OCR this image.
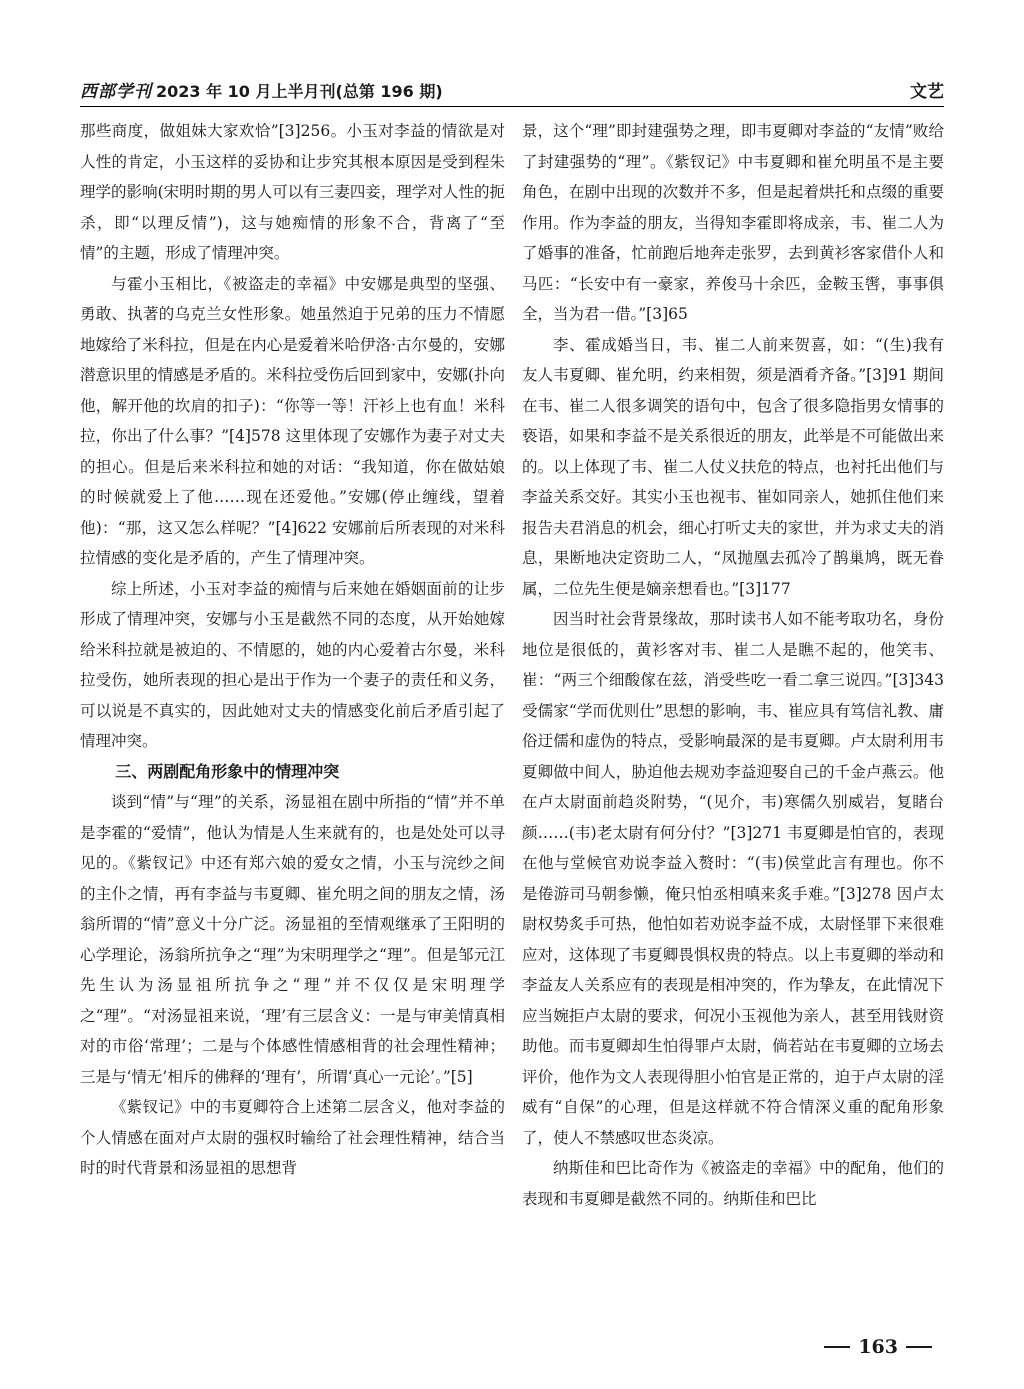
西部学刊 2023 年 10 月上半月刊(总第 196 期)	文艺

那些商度，做姐妹大家欢恰”[3]256。小玉对李益的情欲是对人性的肯定，小玉这样的妥协和让步究其根本原因是受到程朱理学的影响(宋明时期的男人可以有三妻四妾，理学对人性的扼杀，即“以理反情”)，这与她痴情的形象不合，背离了“至情”的主题，形成了情理冲突。

与霍小玉相比，《被盗走的幸福》中安娜是典型的坚强、勇敢、执著的乌克兰女性形象。她虽然迫于兄弟的压力不情愿地嫁给了米科拉，但是在内心是爱着米哈伊洛·古尔曼的，安娜潜意识里的情感是矛盾的。米科拉受伤后回到家中，安娜(扑向他，解开他的坎肩的扣子)：“你等一等！汗衫上也有血！米科拉，你出了什么事？”[4]578 这里体现了安娜作为妻子对丈夫的担心。但是后来米科拉和她的对话：“我知道，你在做姑娘的时候就爱上了他……现在还爱他。”安娜(停止缠线，望着他)：“那，这又怎么样呢？”[4]622 安娜前后所表现的对米科拉情感的变化是矛盾的，产生了情理冲突。

综上所述，小玉对李益的痴情与后来她在婚姻面前的让步形成了情理冲突，安娜与小玉是截然不同的态度，从开始她嫁给米科拉就是被迫的、不情愿的，她的内心爱着古尔曼，米科拉受伤，她所表现的担心是出于作为一个妻子的责任和义务，可以说是不真实的，因此她对丈夫的情感变化前后矛盾引起了情理冲突。

三、两剧配角形象中的情理冲突

谈到“情”与“理”的关系，汤显祖在剧中所指的“情”并不单是李霍的“爱情”，他认为情是人生来就有的，也是处处可以寻见的。《紫钗记》中还有郑六娘的爱女之情，小玉与浣纱之间的主仆之情，再有李益与韦夏卿、崔允明之间的朋友之情，汤翁所谓的“情”意义十分广泛。汤显祖的至情观继承了王阳明的心学理论，汤翁所抗争之“理”为宋明理学之“理”。但是邹元江先生认为汤显祖所抗争之“理”并不仅仅是宋明理学之“理”。“对汤显祖来说，‘理’有三层含义：一是与审美情真相对的市俗‘常理’；二是与个体感性情感相背的社会理性精神；三是与‘情无’相斥的佛释的‘理有’，所谓‘真心一元论’。”[5]

《紫钗记》中的韦夏卿符合上述第二层含义，他对李益的个人情感在面对卢太尉的强权时输给了社会理性精神，结合当时的时代背景和汤显祖的思想背

景，这个“理”即封建强势之理，即韦夏卿对李益的“友情”败给了封建强势的“理”。《紫钗记》中韦夏卿和崔允明虽不是主要角色，在剧中出现的次数并不多，但是起着烘托和点缀的重要作用。作为李益的朋友，当得知李霍即将成亲，韦、崔二人为了婚事的准备，忙前跑后地奔走张罗，去到黄衫客家借仆人和马匹：“长安中有一豪家，养俊马十余匹，金鞍玉辔，事事俱全，当为君一借。”[3]65

李、霍成婚当日，韦、崔二人前来贺喜，如：“(生)我有友人韦夏卿、崔允明，约来相贺，须是酒肴齐备。”[3]91 期间在韦、崔二人很多调笑的语句中，包含了很多隐指男女情事的亵语，如果和李益不是关系很近的朋友，此举是不可能做出来的。以上体现了韦、崔二人仗义扶危的特点，也衬托出他们与李益关系交好。其实小玉也视韦、崔如同亲人，她抓住他们来报告夫君消息的机会，细心打听丈夫的家世，并为求丈夫的消息，果断地决定资助二人，“凤抛凰去孤冷了鹊巢鸠，既无眷属，二位先生便是嫡亲想看也。”[3]177

因当时社会背景缘故，那时读书人如不能考取功名，身份地位是很低的，黄衫客对韦、崔二人是瞧不起的，他笑韦、崔：“两三个细酸傢在兹，消受些吃一看二拿三说四。”[3]343 受儒家“学而优则仕”思想的影响，韦、崔应具有笃信礼教、庸俗迂儒和虚伪的特点，受影响最深的是韦夏卿。卢太尉利用韦夏卿做中间人，胁迫他去规劝李益迎娶自己的千金卢燕云。他在卢太尉面前趋炎附势，“(见介，韦)寒儒久别威岩，复睹台颜……(韦)老太尉有何分付？”[3]271 韦夏卿是怕官的，表现在他与堂候官劝说李益入赘时：“(韦)侯堂此言有理也。你不是倦游司马朝参懒，俺只怕丞相嗔来炙手难。”[3]278 因卢太尉权势炙手可热，他怕如若劝说李益不成，太尉怪罪下来很难应对，这体现了韦夏卿畏惧权贵的特点。以上韦夏卿的举动和李益友人关系应有的表现是相冲突的，作为挚友，在此情况下应当婉拒卢太尉的要求，何况小玉视他为亲人，甚至用钱财资助他。而韦夏卿却生怕得罪卢太尉，倘若站在韦夏卿的立场去评价，他作为文人表现得胆小怕官是正常的，迫于卢太尉的淫威有“自保”的心理，但是这样就不符合情深义重的配角形象了，使人不禁感叹世态炎凉。

纳斯佳和巴比奇作为《被盗走的幸福》中的配角，他们的表现和韦夏卿是截然不同的。纳斯佳和巴比

163
